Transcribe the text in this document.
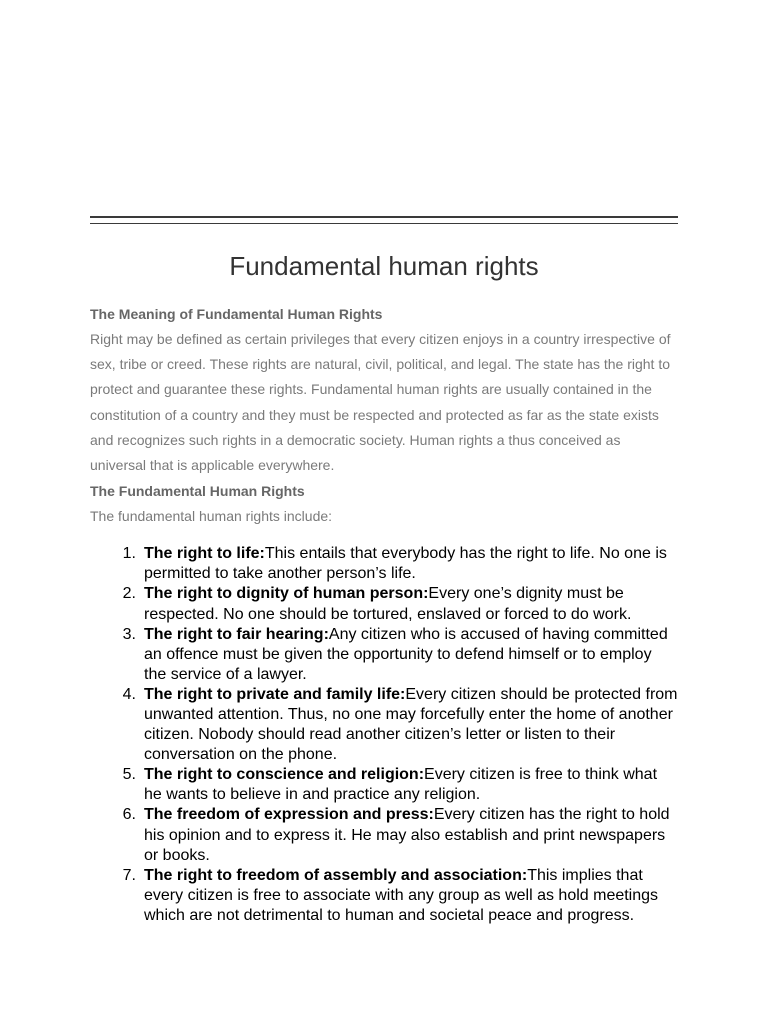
Fundamental human rights
The Meaning of Fundamental Human Rights
Right may be defined as certain privileges that every citizen enjoys in a country irrespective of sex, tribe or creed. These rights are natural, civil, political, and legal. The state has the right to protect and guarantee these rights. Fundamental human rights are usually contained in the constitution of a country and they must be respected and protected as far as the state exists and recognizes such rights in a democratic society. Human rights a thus conceived as universal that is applicable everywhere.
The Fundamental Human Rights
The fundamental human rights include:
1. The right to life:This entails that everybody has the right to life. No one is permitted to take another person’s life.
2. The right to dignity of human person:Every one’s dignity must be respected. No one should be tortured, enslaved or forced to do work.
3. The right to fair hearing:Any citizen who is accused of having committed an offence must be given the opportunity to defend himself or to employ the service of a lawyer.
4. The right to private and family life:Every citizen should be protected from unwanted attention. Thus, no one may forcefully enter the home of another citizen. Nobody should read another citizen’s letter or listen to their conversation on the phone.
5. The right to conscience and religion:Every citizen is free to think what he wants to believe in and practice any religion.
6. The freedom of expression and press:Every citizen has the right to hold his opinion and to express it. He may also establish and print newspapers or books.
7. The right to freedom of assembly and association:This implies that every citizen is free to associate with any group as well as hold meetings which are not detrimental to human and societal peace and progress.
